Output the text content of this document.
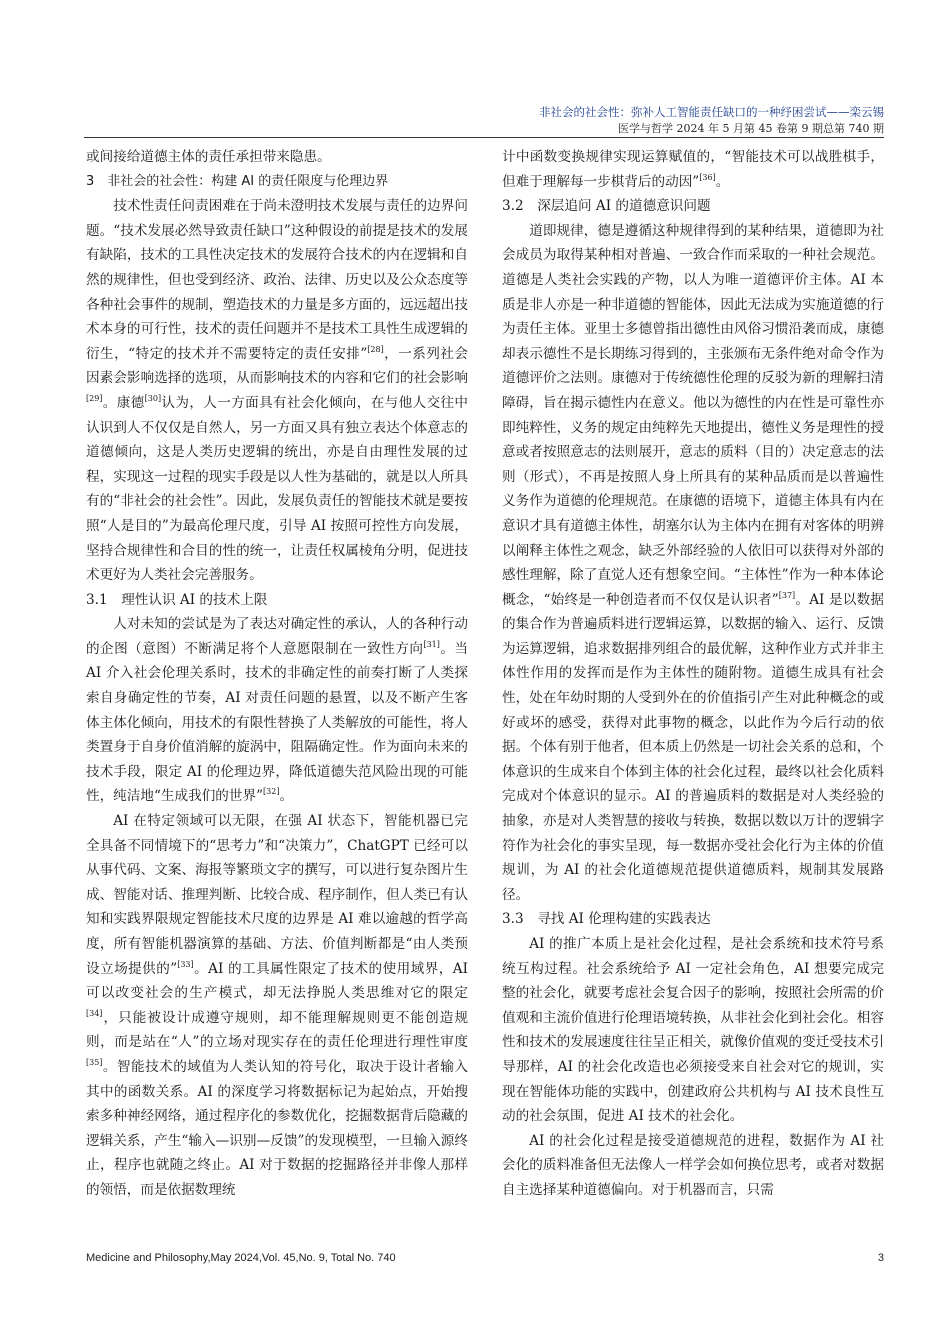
非社会的社会性：弥补人工智能责任缺口的一种纾困尝试——栾云锡
医学与哲学 2024 年 5 月第 45 卷第 9 期总第 740 期

或间接给道德主体的责任承担带来隐患。

3　非社会的社会性：构建 AI 的责任限度与伦理边界

技术性责任问责困难在于尚未澄明技术发展与责任的边界问题。“技术发展必然导致责任缺口”这种假设的前提是技术的发展有缺陷，技术的工具性决定技术的发展符合技术的内在逻辑和自然的规律性，但也受到经济、政治、法律、历史以及公众态度等各种社会事件的规制，塑造技术的力量是多方面的，远远超出技术本身的可行性，技术的责任问题并不是技术工具性生成逻辑的衍生，“特定的技术并不需要特定的责任安排”[28]，一系列社会因素会影响选择的选项，从而影响技术的内容和它们的社会影响[29]。康德[30]认为，人一方面具有社会化倾向，在与他人交往中认识到人不仅仅是自然人，另一方面又具有独立表达个体意志的道德倾向，这是人类历史逻辑的统出，亦是自由理性发展的过程，实现这一过程的现实手段是以人性为基础的，就是以人所具有的“非社会的社会性”。因此，发展负责任的智能技术就是要按照“人是目的”为最高伦理尺度，引导 AI 按照可控性方向发展，坚持合规律性和合目的性的统一，让责任权属棱角分明，促进技术更好为人类社会完善服务。

3.1　理性认识 AI 的技术上限

人对未知的尝试是为了表达对确定性的承认，人的各种行动的企图（意图）不断满足将个人意愿限制在一致性方向[31]。当 AI 介入社会伦理关系时，技术的非确定性的前奏打断了人类探索自身确定性的节奏，AI 对责任问题的悬置，以及不断产生客体主体化倾向，用技术的有限性替换了人类解放的可能性，将人类置身于自身价值消解的旋涡中，阻隔确定性。作为面向未来的技术手段，限定 AI 的伦理边界，降低道德失范风险出现的可能性，纯洁地“生成我们的世界”[32]。

AI 在特定领域可以无限，在强 AI 状态下，智能机器已完全具备不同情境下的“思考力”和“决策力”，ChatGPT 已经可以从事代码、文案、海报等繁琐文字的撰写，可以进行复杂图片生成、智能对话、推理判断、比较合成、程序制作，但人类已有认知和实践界限规定智能技术尺度的边界是 AI 难以逾越的哲学高度，所有智能机器演算的基础、方法、价值判断都是“由人类预设立场提供的”[33]。AI 的工具属性限定了技术的使用域界，AI 可以改变社会的生产模式，却无法挣脱人类思维对它的限定[34]，只能被设计成遵守规则，却不能理解规则更不能创造规则，而是站在“人”的立场对现实存在的责任伦理进行理性审度[35]。智能技术的域值为人类认知的符号化，取决于设计者输入其中的函数关系。AI 的深度学习将数据标记为起始点，开始搜索多种神经网络，通过程序化的参数优化，挖掘数据背后隐藏的逻辑关系，产生“输入—识别—反馈”的发现模型，一旦输入源终止，程序也就随之终止。AI 对于数据的挖掘路径并非像人那样的领悟，而是依据数理统

计中函数变换规律实现运算赋值的，“智能技术可以战胜棋手，但难于理解每一步棋背后的动因”[36]。

3.2　深层追问 AI 的道德意识问题

道即规律，德是遵循这种规律得到的某种结果，道德即为社会成员为取得某种相对普遍、一致合作而采取的一种社会规范。道德是人类社会实践的产物，以人为唯一道德评价主体。AI 本质是非人亦是一种非道德的智能体，因此无法成为实施道德的行为责任主体。亚里士多德曾指出德性由风俗习惯沿袭而成，康德却表示德性不是长期练习得到的，主张颁布无条件绝对命令作为道德评价之法则。康德对于传统德性伦理的反驳为新的理解扫清障碍，旨在揭示德性内在意义。他以为德性的内在性是可靠性亦即纯粹性，义务的规定由纯粹先天地提出，德性义务是理性的授意或者按照意志的法则展开，意志的质料（目的）决定意志的法则（形式），不再是按照人身上所具有的某种品质而是以普遍性义务作为道德的伦理规范。在康德的语境下，道德主体具有内在意识才具有道德主体性，胡塞尔认为主体内在拥有对客体的明辨以阐释主体性之观念，缺乏外部经验的人依旧可以获得对外部的感性理解，除了直觉人还有想象空间。“主体性”作为一种本体论概念，“始终是一种创造者而不仅仅是认识者”[37]。AI 是以数据的集合作为普遍质料进行逻辑运算，以数据的输入、运行、反馈为运算逻辑，追求数据排列组合的最优解，这种作业方式并非主体性作用的发挥而是作为主体性的随附物。道德生成具有社会性，处在年幼时期的人受到外在的价值指引产生对此种概念的或好或坏的感受，获得对此事物的概念，以此作为今后行动的依据。个体有别于他者，但本质上仍然是一切社会关系的总和，个体意识的生成来自个体到主体的社会化过程，最终以社会化质料完成对个体意识的显示。AI 的普遍质料的数据是对人类经验的抽象，亦是对人类智慧的接收与转换，数据以数以万计的逻辑字符作为社会化的事实呈现，每一数据亦受社会化行为主体的价值规训，为 AI 的社会化道德规范提供道德质料，规制其发展路径。

3.3　寻找 AI 伦理构建的实践表达

AI 的推广本质上是社会化过程，是社会系统和技术符号系统互构过程。社会系统给予 AI 一定社会角色，AI 想要完成完整的社会化，就要考虑社会复合因子的影响，按照社会所需的价值观和主流价值进行伦理语境转换，从非社会化到社会化。相容性和技术的发展速度往往呈正相关，就像价值观的变迁受技术引导那样，AI 的社会化改造也必须接受来自社会对它的规训，实现在智能体功能的实践中，创建政府公共机构与 AI 技术良性互动的社会氛围，促进 AI 技术的社会化。

AI 的社会化过程是接受道德规范的进程，数据作为 AI 社会化的质料准备但无法像人一样学会如何换位思考，或者对数据自主选择某种道德偏向。对于机器而言，只需

Medicine and Philosophy,May 2024,Vol. 45,No. 9, Total No. 740	3
